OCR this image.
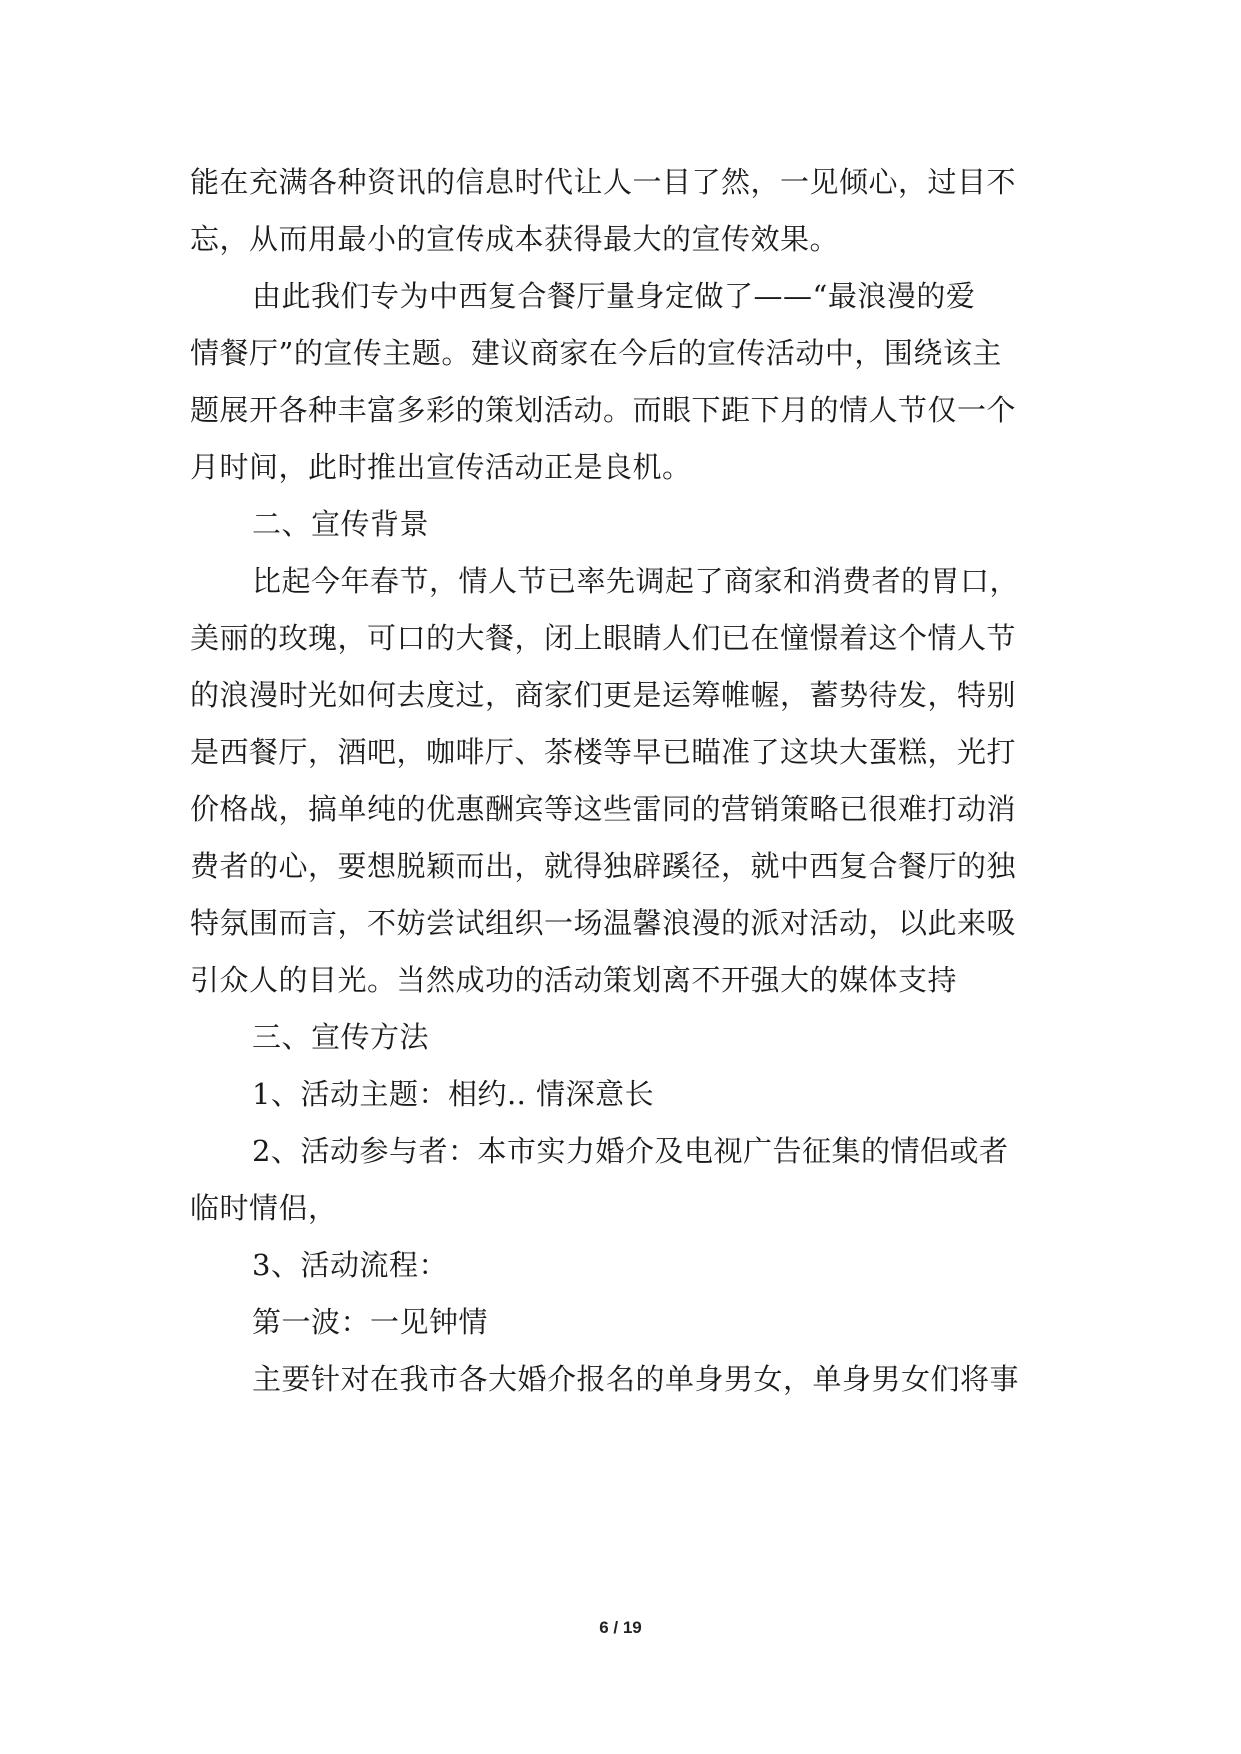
能在充满各种资讯的信息时代让人一目了然，一见倾心，过目不
忘，从而用最小的宣传成本获得最大的宣传效果。
由此我们专为中西复合餐厅量身定做了——“最浪漫的爱
情餐厅”的宣传主题。建议商家在今后的宣传活动中，围绕该主
题展开各种丰富多彩的策划活动。而眼下距下月的情人节仅一个
月时间，此时推出宣传活动正是良机。
二、宣传背景
比起今年春节，情人节已率先调起了商家和消费者的胃口，
美丽的玫瑰，可口的大餐，闭上眼睛人们已在憧憬着这个情人节
的浪漫时光如何去度过，商家们更是运筹帷幄，蓄势待发，特别
是西餐厅，酒吧，咖啡厅、茶楼等早已瞄准了这块大蛋糕，光打
价格战，搞单纯的优惠酬宾等这些雷同的营销策略已很难打动消
费者的心，要想脱颖而出，就得独辟蹊径，就中西复合餐厅的独
特氛围而言，不妨尝试组织一场温馨浪漫的派对活动，以此来吸
引众人的目光。当然成功的活动策划离不开强大的媒体支持
三、宣传方法
1、活动主题：相约.. 情深意长
2、活动参与者：本市实力婚介及电视广告征集的情侣或者
临时情侣，
3、活动流程：
第一波：一见钟情
主要针对在我市各大婚介报名的单身男女，单身男女们将事
6 / 19
